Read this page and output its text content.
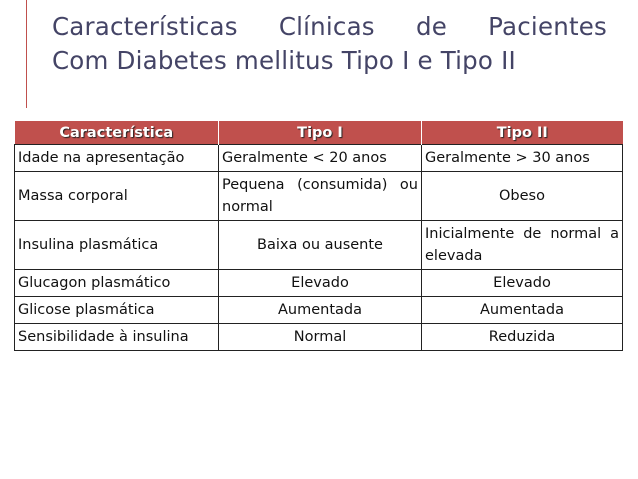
Características Clínicas de Pacientes
Com Diabetes mellitus Tipo I e Tipo II
Característica	Tipo I	Tipo II
Idade na apresentação	Geralmente < 20 anos	Geralmente > 30 anos
Massa corporal	Pequena (consumida) ou normal	Obeso
Insulina plasmática	Baixa ou ausente	Inicialmente de normal a elevada
Glucagon plasmático	Elevado	Elevado
Glicose plasmática	Aumentada	Aumentada
Sensibilidade à insulina	Normal	Reduzida
